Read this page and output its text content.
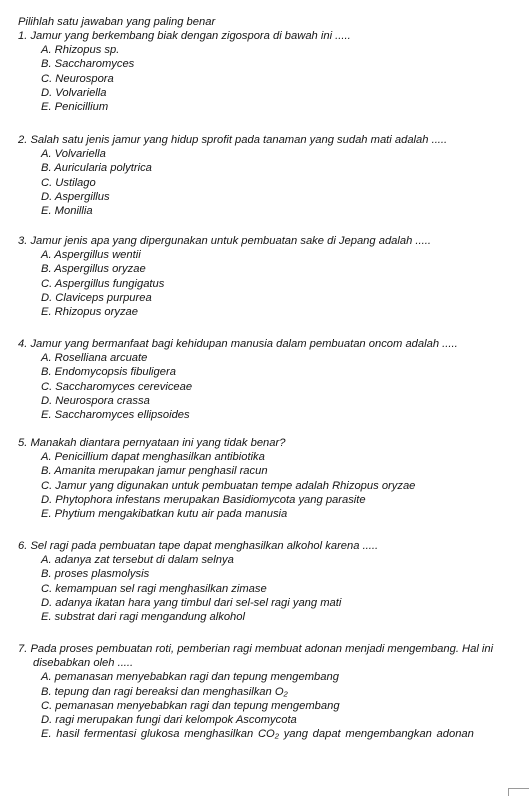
Pilihlah satu jawaban yang paling benar
1. Jamur yang berkembang biak dengan zigospora di bawah ini .....
A. Rhizopus sp.
B. Saccharomyces
C. Neurospora
D. Volvariella
E. Penicillium
2. Salah satu jenis jamur yang hidup sprofit pada tanaman yang sudah mati adalah .....
A. Volvariella
B. Auricularia polytrica
C. Ustilago
D. Aspergillus
E. Monillia
3. Jamur jenis apa yang dipergunakan untuk pembuatan sake di Jepang adalah .....
A. Aspergillus wentii
B. Aspergillus oryzae
C. Aspergillus fungigatus
D. Claviceps purpurea
E. Rhizopus oryzae
4. Jamur yang bermanfaat bagi kehidupan manusia dalam pembuatan oncom adalah .....
A. Roselliana arcuate
B. Endomycopsis fibuligera
C. Saccharomyces cereviceae
D. Neurospora crassa
E. Saccharomyces ellipsoides
5. Manakah diantara pernyataan ini yang tidak benar?
A. Penicillium dapat menghasilkan antibiotika
B. Amanita merupakan jamur penghasil racun
C. Jamur yang digunakan untuk pembuatan tempe adalah Rhizopus oryzae
D. Phytophora infestans merupakan Basidiomycota yang parasite
E. Phytium mengakibatkan kutu air pada manusia
6. Sel ragi pada pembuatan tape dapat menghasilkan alkohol karena .....
A. adanya zat tersebut di dalam selnya
B. proses plasmolysis
C. kemampuan sel ragi menghasilkan zimase
D. adanya ikatan hara yang timbul dari sel-sel ragi yang mati
E. substrat dari ragi mengandung alkohol
7. Pada proses pembuatan roti, pemberian ragi membuat adonan menjadi mengembang. Hal ini disebabkan oleh .....
A. pemanasan menyebabkan ragi dan tepung mengembang
B. tepung dan ragi bereaksi dan menghasilkan O₂
C. pemanasan menyebabkan ragi dan tepung mengembang
D. ragi merupakan fungi dari kelompok Ascomycota
E. hasil fermentasi glukosa menghasilkan CO₂ yang dapat mengembangkan adonan
